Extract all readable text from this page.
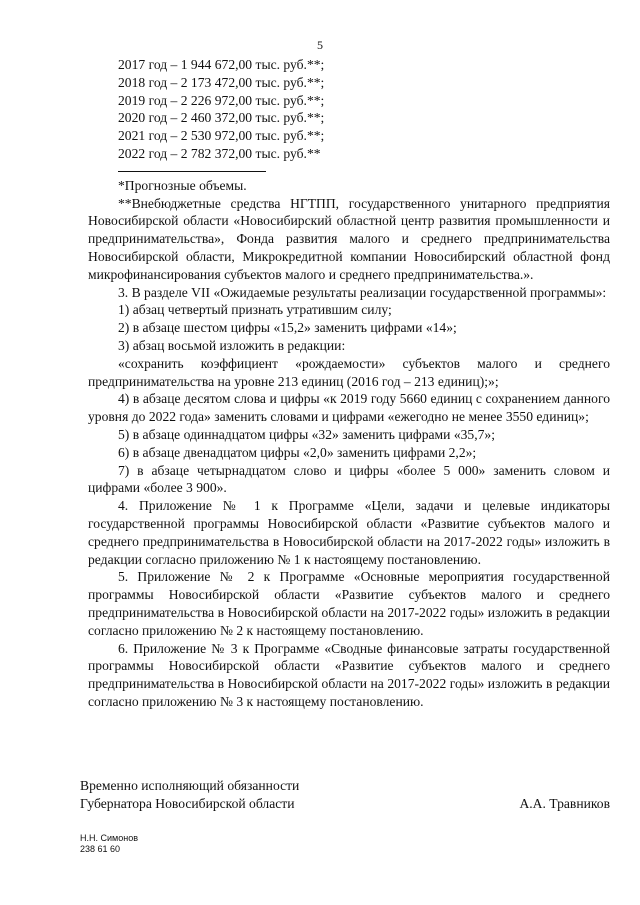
5
2017 год – 1 944 672,00 тыс. руб.**;
2018 год – 2 173 472,00 тыс. руб.**;
2019 год – 2 226 972,00 тыс. руб.**;
2020 год – 2 460 372,00 тыс. руб.**;
2021 год – 2 530 972,00 тыс. руб.**;
2022 год – 2 782 372,00 тыс. руб.**
*Прогнозные объемы.
**Внебюджетные средства НГТПП, государственного унитарного предприятия Новосибирской области «Новосибирский областной центр развития промышленности и предпринимательства», Фонда развития малого и среднего предпринимательства Новосибирской области, Микрокредитной компании Новосибирский областной фонд микрофинансирования субъектов малого и среднего предпринимательства.».
3. В разделе VII «Ожидаемые результаты реализации государственной программы»:
1) абзац четвертый признать утратившим силу;
2) в абзаце шестом цифры «15,2» заменить цифрами «14»;
3) абзац восьмой изложить в редакции:
«сохранить коэффициент «рождаемости» субъектов малого и среднего предпринимательства на уровне 213 единиц (2016 год – 213 единиц);»;
4) в абзаце десятом слова и цифры «к 2019 году 5660 единиц с сохранением данного уровня до 2022 года» заменить словами и цифрами «ежегодно не менее 3550 единиц»;
5) в абзаце одиннадцатом цифры «32» заменить цифрами «35,7»;
6) в абзаце двенадцатом цифры «2,0» заменить цифрами 2,2»;
7) в абзаце четырнадцатом слово и цифры «более 5 000» заменить словом и цифрами «более 3 900».
4. Приложение № 1 к Программе «Цели, задачи и целевые индикаторы государственной программы Новосибирской области «Развитие субъектов малого и среднего предпринимательства в Новосибирской области на 2017-2022 годы» изложить в редакции согласно приложению № 1 к настоящему постановлению.
5. Приложение № 2 к Программе «Основные мероприятия государственной программы Новосибирской области «Развитие субъектов малого и среднего предпринимательства в Новосибирской области на 2017-2022 годы» изложить в редакции согласно приложению № 2 к настоящему постановлению.
6. Приложение № 3 к Программе «Сводные финансовые затраты государственной программы Новосибирской области «Развитие субъектов малого и среднего предпринимательства в Новосибирской области на 2017-2022 годы» изложить в редакции согласно приложению № 3 к настоящему постановлению.
Временно исполняющий обязанности
Губернатора Новосибирской области	А.А. Травников
Н.Н. Симонов
238 61 60
